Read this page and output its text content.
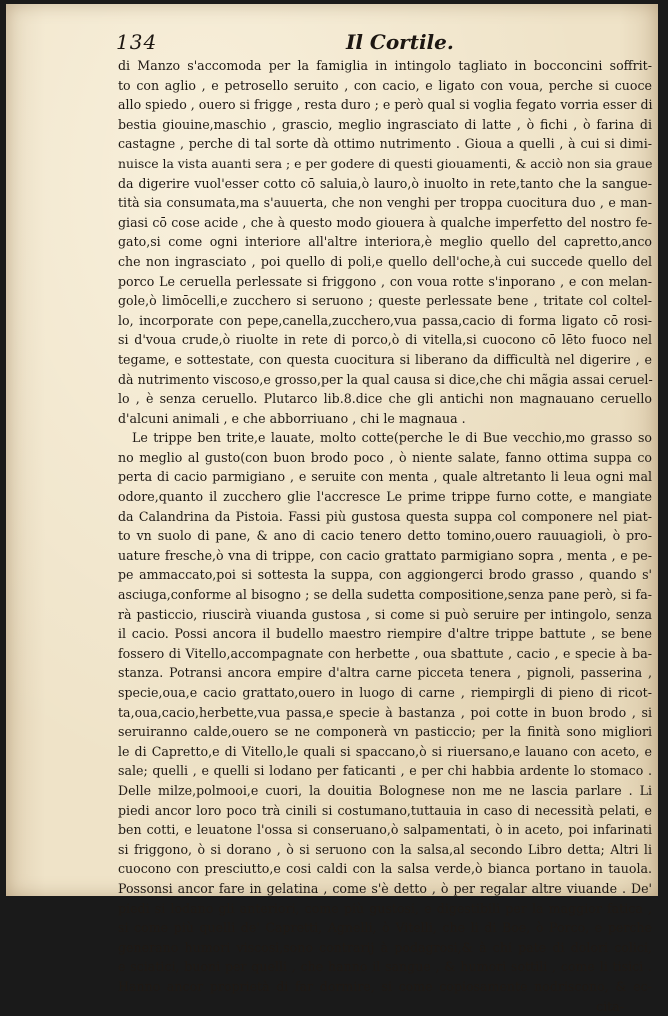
134	Il Cortile.
di Manzo s'accomoda per la famiglia in intingolo tagliato in bocconcini soffrit-
to con aglio , e petrosello seruito , con cacio, e ligato con voua, perche si cuoce
allo spiedo , ouero si frigge , resta duro ; e però qual si voglia fegato vorria esser di
bestia giouine,maschio , grascio, meglio ingrasciato di latte , ò fichi , ò farina di
castagne , perche di tal sorte dà ottimo nutrimento . Gioua a quelli , à cui si dimi-
nuisce la vista auanti sera ; e per godere di questi giouamenti, & acciò non sia graue
da digerire vuol'esser cotto cō saluia,ò lauro,ò inuolto in rete,tanto che la sangue-
tità sia consumata,ma s'auuerta, che non venghi per troppa cuocitura duo , e man-
giasi cō cose acide , che à questo modo giouera à qualche imperfetto del nostro fe-
gato,si come ogni interiore all'altre interiora,è meglio quello del capretto,anco
che non ingrasciato , poi quello di poli,e quello dell'oche,à cui succede quello del
porco Le ceruella perlessate si friggono , con voua rotte s'inporano , e con melan-
gole,ò limōcelli,e zucchero si seruono ; queste perlessate bene , tritate col coltel-
lo, incorporate con pepe,canella,zucchero,vua passa,cacio di forma ligato cō rosi-
si d'voua crude,ò riuolte in rete di porco,ò di vitella,si cuocono cō lēto fuoco nel
tegame, e sottestate, con questa cuocitura si liberano da difficultà nel digerire , e
dà nutrimento viscoso,e grosso,per la qual causa si dice,che chi mãgia assai ceruel-
lo , è senza ceruello. Plutarco lib.8.dice che gli antichi non magnauano ceruello
d'alcuni animali , e che abborriuano , chi le magnaua .
Le trippe ben trite,e lauate, molto cotte(perche le di Bue vecchio,mo grasso so
no meglio al gusto(con buon brodo poco , ò niente salate, fanno ottima suppa co
perta di cacio parmigiano , e seruite con menta , quale altretanto li leua ogni mal
odore,quanto il zucchero glie l'accresce Le prime trippe furno cotte, e mangiate
da Calandrina da Pistoia. Fassi più gustosa questa suppa col componere nel piat-
to vn suolo di pane, & ano di cacio tenero detto tomino,ouero rauuagioli, ò pro-
uature fresche,ò vna di trippe, con cacio grattato parmigiano sopra , menta , e pe-
pe ammaccato,poi si sottesta la suppa, con aggiongerci brodo grasso , quando s'
asciuga,conforme al bisogno ; se della sudetta compositione,senza pane però, si fa-
rà pasticcio, riuscirà viuanda gustosa , si come si può seruire per intingolo, senza
il cacio. Possi ancora il budello maestro riempire d'altre trippe battute , se bene
fossero di Vitello,accompagnate con herbette , oua sbattute , cacio , e specie à ba-
stanza. Potransi ancora empire d'altra carne picceta tenera , pignoli, passerina ,
specie,oua,e cacio grattato,ouero in luogo di carne , riempirgli di pieno di ricot-
ta,oua,cacio,herbette,vua passa,e specie à bastanza , poi cotte in buon brodo , si
seruiranno calde,ouero se ne componerà vn pasticcio; per la finità sono migliori
le di Capretto,e di Vitello,le quali si spaccano,ò si riuersano,e lauano con aceto, e
sale; quelli , e quelli si lodano per faticanti , e per chi habbia ardente lo stomaco .
Delle milze,polmooi,e cuori, la douitia Bolognese non me ne lascia parlare . Li
piedi ancor loro poco trà cinili si costumano,tuttauia in caso di necessità pelati, e
ben cotti, e leuatone l'ossa si conseruano,ò salpamentati, ò in aceto, poi infarinati
si friggono, ò si dorano , ò si seruono con la salsa,al secondo Libro detta; Altri li
cuocono con presciutto,e cosi caldi con la salsa verde,ò bianca portano in tauola.
Possonsi ancor fare in gelatina , come s'è detto , ò per regalar altre viuande . De'
piedi si lodano gli anteriori, come più gustosi, e digestibili per la maggior fatica ,
si come più quelli de' Capretti, Agnelli, ò Vitelli, che li di Boe, ò Porco, e perche
generano humori viscosi,sono contrarij à podagrosi,& à chi pate di dolori colici,
e sciatici, buoni per quelli , che hanno il sangue , & humori sottili , come li tisici .
Hanno ancor proprietà di far dormire, si come copiosamente nodriscono, & ec-
cita-
